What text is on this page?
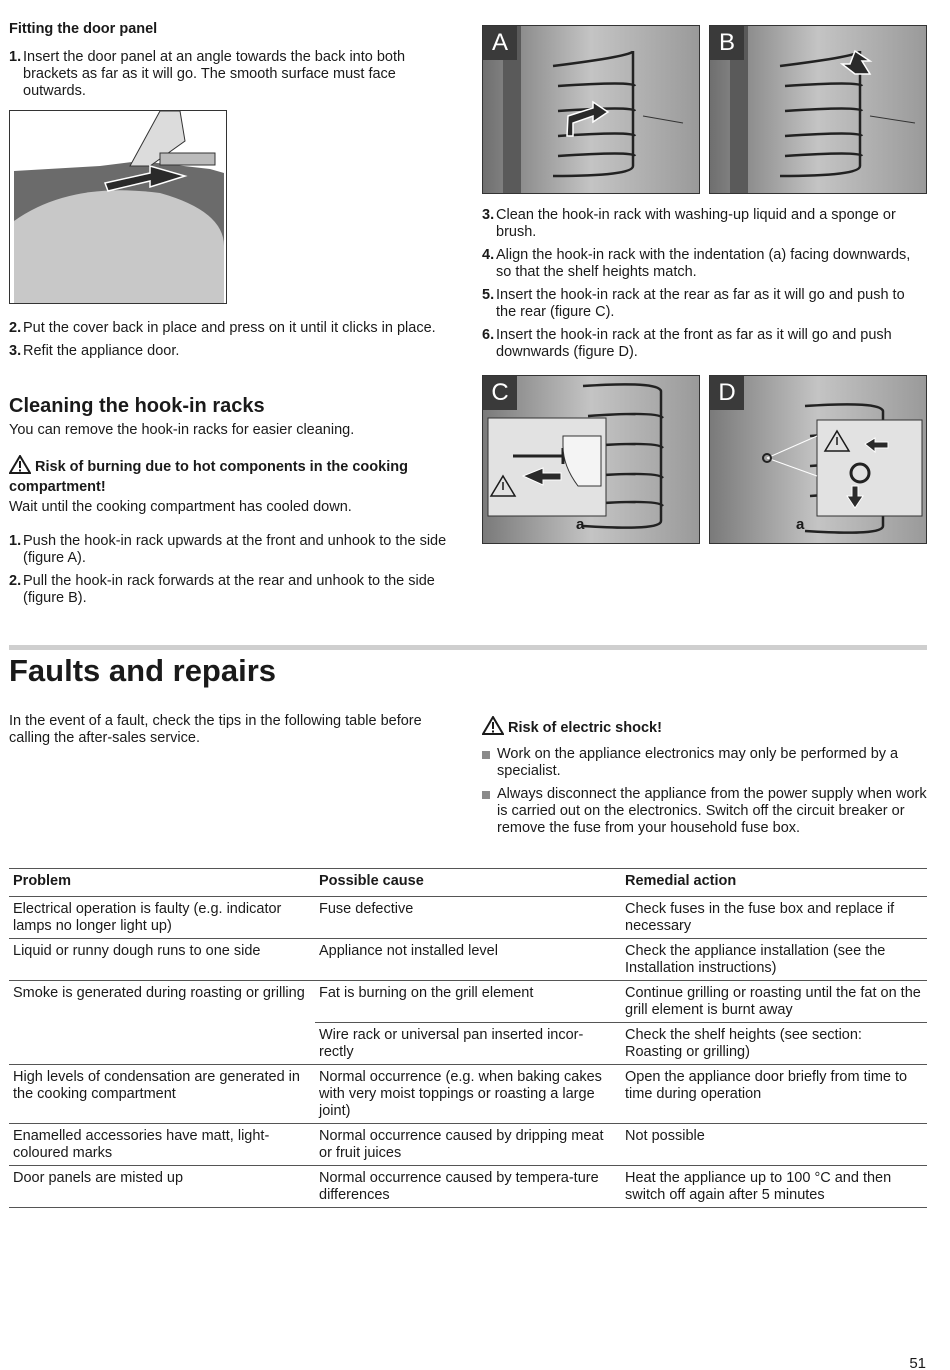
Fitting the door panel
1. Insert the door panel at an angle towards the back into both brackets as far as it will go. The smooth surface must face outwards.
2. Put the cover back in place and press on it until it clicks in place.
3. Refit the appliance door.
Cleaning the hook-in racks
You can remove the hook-in racks for easier cleaning.
Risk of burning due to hot components in the cooking compartment!
Wait until the cooking compartment has cooled down.
1. Push the hook-in rack upwards at the front and unhook to the side (figure A).
2. Pull the hook-in rack forwards at the rear and unhook to the side (figure B).
A	B
3. Clean the hook-in rack with washing-up liquid and a sponge or brush.
4. Align the hook-in rack with the indentation (a) facing downwards, so that the shelf heights match.
5. Insert the hook-in rack at the rear as far as it will go and push to the rear (figure C).
6. Insert the hook-in rack at the front as far as it will go and push downwards (figure D).
C
a
D
a
Faults and repairs
In the event of a fault, check the tips in the following table before calling the after-sales service.
Risk of electric shock!
Work on the appliance electronics may only be performed by a specialist.
Always disconnect the appliance from the power supply when work is carried out on the electronics. Switch off the circuit breaker or remove the fuse from your household fuse box.
Problem	Possible cause	Remedial action
Electrical operation is faulty (e.g. indicator lamps no longer light up)	Fuse defective	Check fuses in the fuse box and replace if necessary
Liquid or runny dough runs to one side	Appliance not installed level	Check the appliance installation (see the Installation instructions)
Smoke is generated during roasting or grilling	Fat is burning on the grill element	Continue grilling or roasting until the fat on the grill element is burnt away
	Wire rack or universal pan inserted incor-rectly	Check the shelf heights (see section: Roasting or grilling)
High levels of condensation are generated in the cooking compartment	Normal occurrence (e.g. when baking cakes with very moist toppings or roasting a large joint)	Open the appliance door briefly from time to time during operation
Enamelled accessories have matt, light-coloured marks	Normal occurrence caused by dripping meat or fruit juices	Not possible
Door panels are misted up	Normal occurrence caused by tempera-ture differences	Heat the appliance up to 100 °C and then switch off again after 5 minutes
51
